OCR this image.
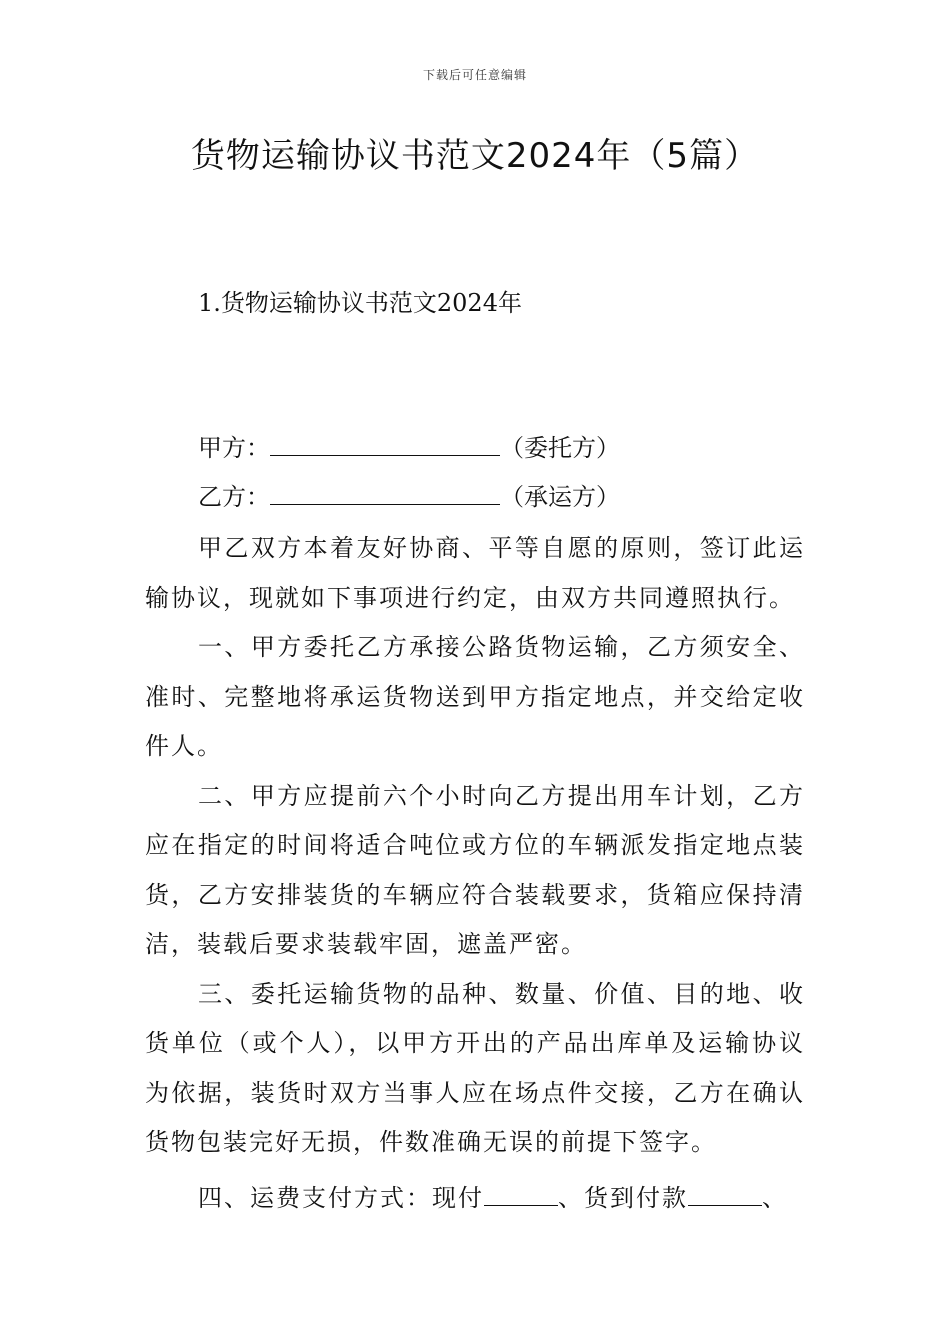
下载后可任意编辑
货物运输协议书范文2024年（5篇）
1.货物运输协议书范文2024年
甲方：	（委托方）
乙方：	（承运方）

甲乙双方本着友好协商、平等自愿的原则，签订此运输协议，现就如下事项进行约定，由双方共同遵照执行。

一、甲方委托乙方承接公路货物运输，乙方须安全、准时、完整地将承运货物送到甲方指定地点，并交给定收件人。

二、甲方应提前六个小时向乙方提出用车计划，乙方应在指定的时间将适合吨位或方位的车辆派发指定地点装货，乙方安排装货的车辆应符合装载要求，货箱应保持清洁，装载后要求装载牢固，遮盖严密。

三、委托运输货物的品种、数量、价值、目的地、收货单位（或个人），以甲方开出的产品出库单及运输协议为依据，装货时双方当事人应在场点件交接，乙方在确认货物包装完好无损，件数准确无误的前提下签字。

四、运费支付方式：现付	、货到付款	、
